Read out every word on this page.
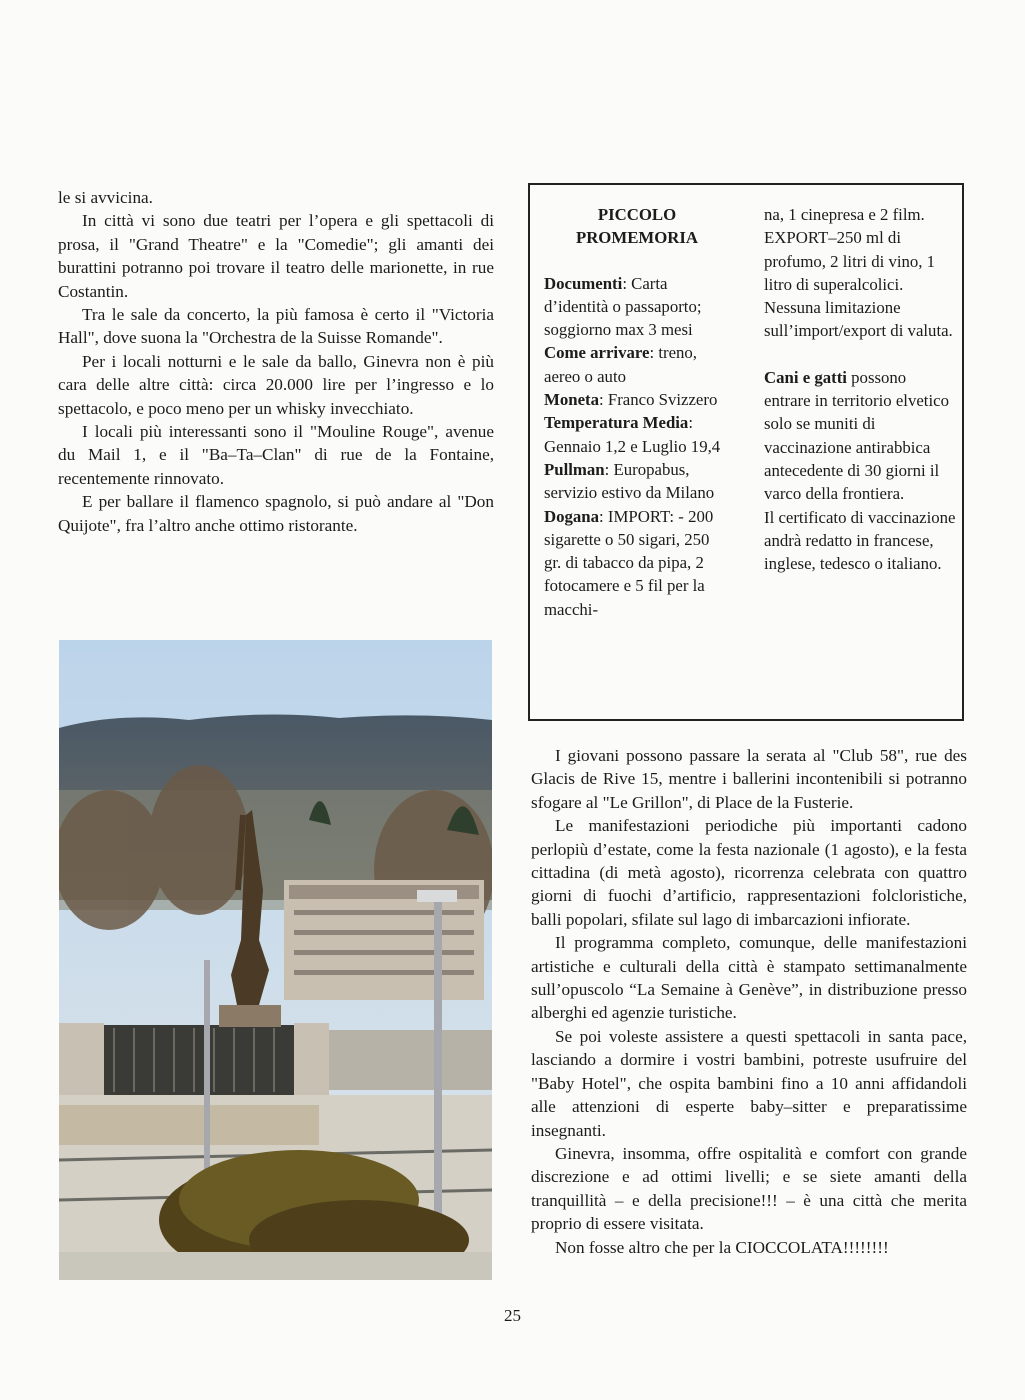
le si avvicina.

In città vi sono due teatri per l’opera e gli spettacoli di prosa, il "Grand Theatre" e la "Comedie"; gli amanti dei burattini potranno poi trovare il teatro delle marionette, in rue Costantin.

Tra le sale da concerto, la più famosa è certo il "Victoria Hall", dove suona la "Orchestra de la Suisse Romande".

Per i locali notturni e le sale da ballo, Ginevra non è più cara delle altre città: circa 20.000 lire per l’ingresso e lo spettacolo, e poco meno per un whisky invecchiato.

I locali più interessanti sono il "Mouline Rouge", avenue du Mail 1, e il "Ba–Ta–Clan" di rue de la Fontaine, recentemente rinnovato.

E per ballare il flamenco spagnolo, si può andare al "Don Quijote", fra l’altro anche ottimo ristorante.

PICCOLO
PROMEMORIA

Documenti: Carta d’identità o passaporto; soggiorno max 3 mesi

Come arrivare: treno, aereo o auto

Moneta: Franco Svizzero

Temperatura Media: Gennaio 1,2 e Luglio 19,4

Pullman: Europabus, servizio estivo da Milano

Dogana: IMPORT: - 200 sigarette o 50 sigari, 250 gr. di tabacco da pipa, 2 fotocamere e 5 fil per la macchi-

na, 1 cinepresa e 2 film.

EXPORT–250 ml di profumo, 2 litri di vino, 1 litro di superalcolici.

Nessuna limitazione sull’import/export di valuta.

Cani e gatti possono entrare in territorio elvetico solo se muniti di vaccinazione antirabbica antecedente di 30 giorni il varco della frontiera.

Il certificato di vaccinazione andrà redatto in francese, inglese, tedesco o italiano.

I giovani possono passare la serata al "Club 58", rue des Glacis de Rive 15, mentre i ballerini incontenibili si potranno sfogare al "Le Grillon", di Place de la Fusterie.

Le manifestazioni periodiche più importanti cadono perlopiù d’estate, come la festa nazionale (1 agosto), e la festa cittadina (di metà agosto), ricorrenza celebrata con quattro giorni di fuochi d’artificio, rappresentazioni folcloristiche, balli popolari, sfilate sul lago di imbarcazioni infiorate.

Il programma completo, comunque, delle manifestazioni artistiche e culturali della città è stampato settimanalmente sull’opuscolo “La Semaine à Genève”, in distribuzione presso alberghi ed agenzie turistiche.

Se poi voleste assistere a questi spettacoli in santa pace, lasciando a dormire i vostri bambini, potreste usufruire del "Baby Hotel", che ospita bambini fino a 10 anni affidandoli alle attenzioni di esperte baby–sitter e preparatissime insegnanti.

Ginevra, insomma, offre ospitalità e comfort con grande discrezione e ad ottimi livelli; e se siete amanti della tranquillità – e della precisione!!! – è una città che merita proprio di essere visitata.

Non fosse altro che per la CIOCCOLATA!!!!!!!!

25
